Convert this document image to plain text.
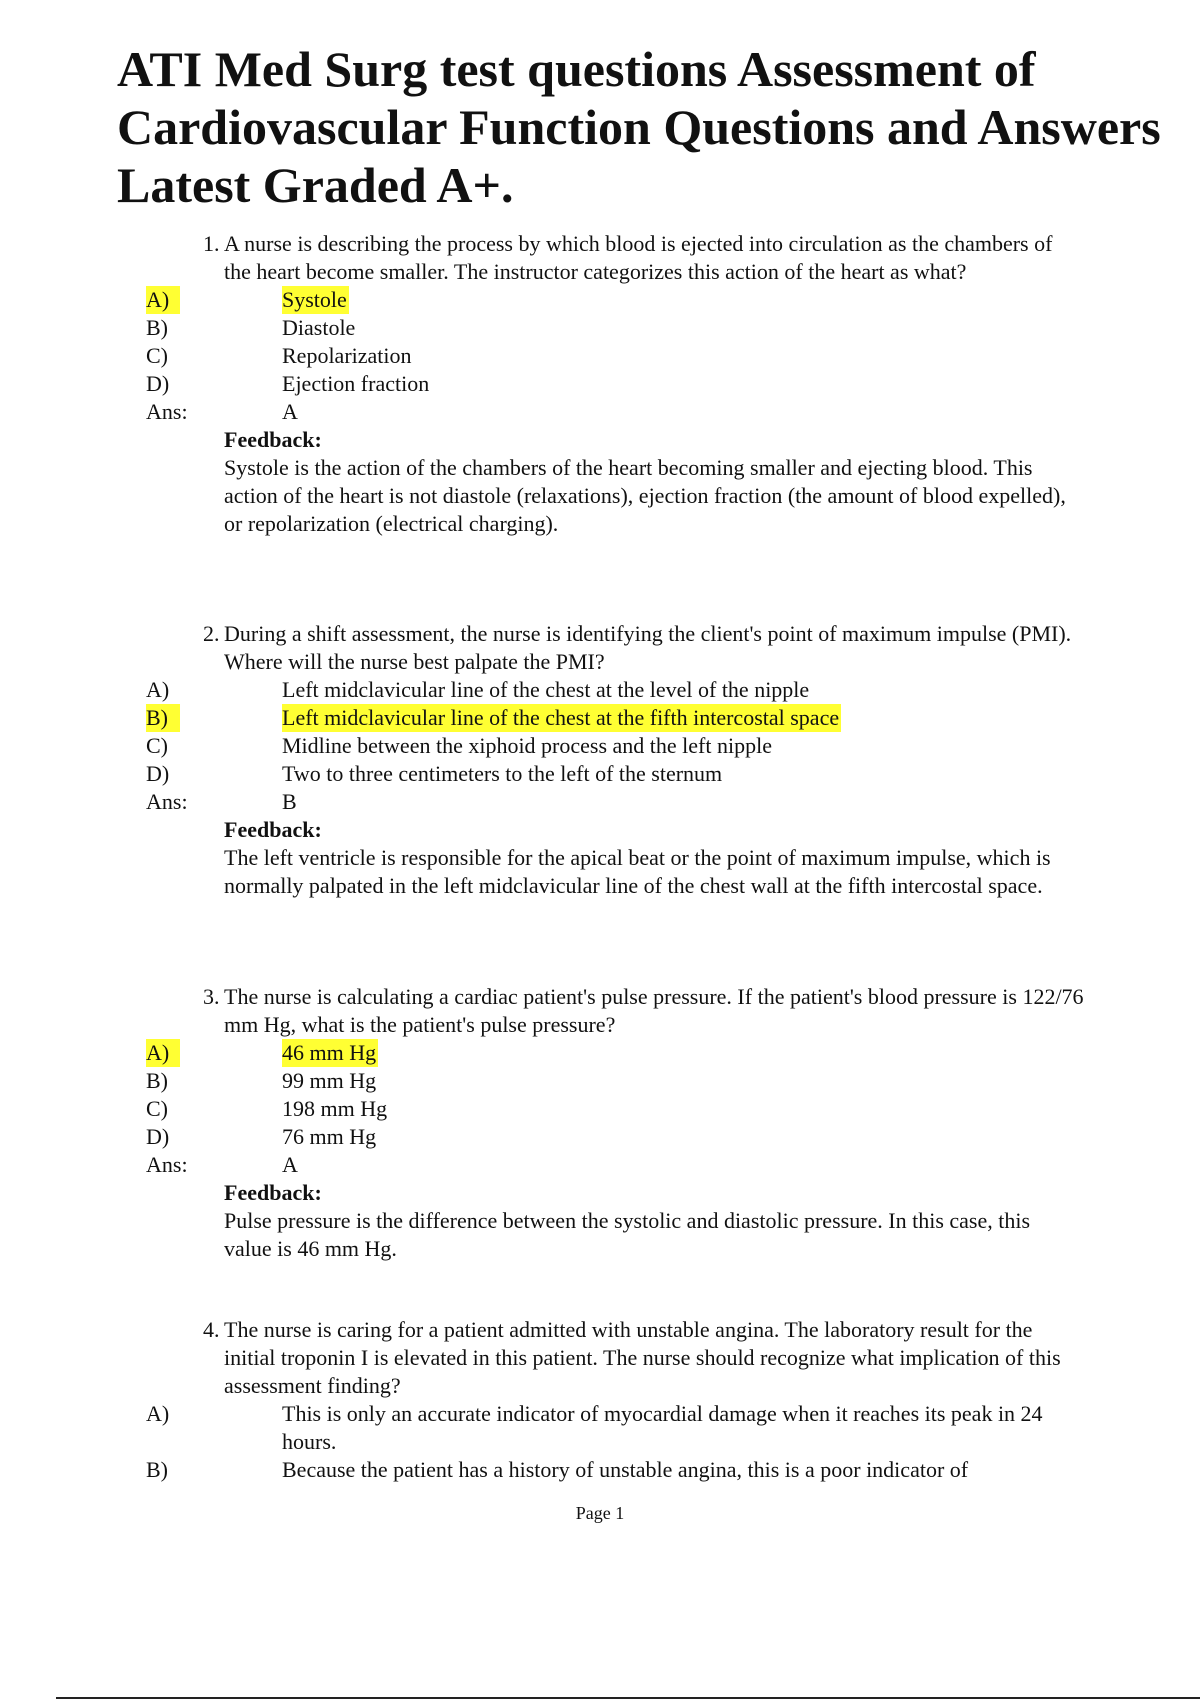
ATI Med Surg test questions Assessment of
Cardiovascular Function Questions and Answers
Latest Graded A+.
1. A nurse is describing the process by which blood is ejected into circulation as the chambers of the heart become smaller. The instructor categorizes this action of the heart as what?
A)	Systole
B)	Diastole
C)	Repolarization
D)	Ejection fraction
Ans:	A
Feedback:
Systole is the action of the chambers of the heart becoming smaller and ejecting blood. This action of the heart is not diastole (relaxations), ejection fraction (the amount of blood expelled), or repolarization (electrical charging).
2. During a shift assessment, the nurse is identifying the client's point of maximum impulse (PMI). Where will the nurse best palpate the PMI?
A)	Left midclavicular line of the chest at the level of the nipple
B)	Left midclavicular line of the chest at the fifth intercostal space
C)	Midline between the xiphoid process and the left nipple
D)	Two to three centimeters to the left of the sternum
Ans:	B
Feedback:
The left ventricle is responsible for the apical beat or the point of maximum impulse, which is normally palpated in the left midclavicular line of the chest wall at the fifth intercostal space.
3. The nurse is calculating a cardiac patient's pulse pressure. If the patient's blood pressure is 122/76 mm Hg, what is the patient's pulse pressure?
A)	46 mm Hg
B)	99 mm Hg
C)	198 mm Hg
D)	76 mm Hg
Ans:	A
Feedback:
Pulse pressure is the difference between the systolic and diastolic pressure. In this case, this value is 46 mm Hg.
4. The nurse is caring for a patient admitted with unstable angina. The laboratory result for the initial troponin I is elevated in this patient. The nurse should recognize what implication of this assessment finding?
A)	This is only an accurate indicator of myocardial damage when it reaches its peak in 24 hours.
B)	Because the patient has a history of unstable angina, this is a poor indicator of
Page 1
